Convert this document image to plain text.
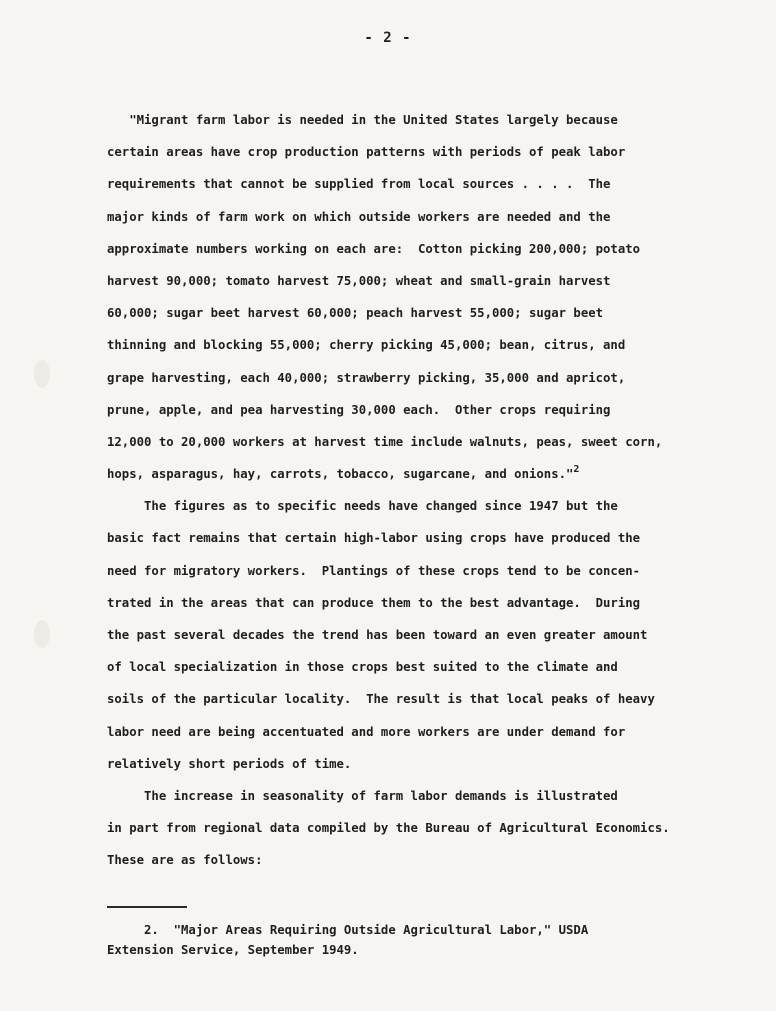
- 2 -
"Migrant farm labor is needed in the United States largely because
certain areas have crop production patterns with periods of peak labor
requirements that cannot be supplied from local sources . . . .  The
major kinds of farm work on which outside workers are needed and the
approximate numbers working on each are:  Cotton picking 200,000; potato
harvest 90,000; tomato harvest 75,000; wheat and small-grain harvest
60,000; sugar beet harvest 60,000; peach harvest 55,000; sugar beet
thinning and blocking 55,000; cherry picking 45,000; bean, citrus, and
grape harvesting, each 40,000; strawberry picking, 35,000 and apricot,
prune, apple, and pea harvesting 30,000 each.  Other crops requiring
12,000 to 20,000 workers at harvest time include walnuts, peas, sweet corn,
hops, asparagus, hay, carrots, tobacco, sugarcane, and onions."$^2$
The figures as to specific needs have changed since 1947 but the
basic fact remains that certain high-labor using crops have produced the
need for migratory workers.  Plantings of these crops tend to be concen-
trated in the areas that can produce them to the best advantage.  During
the past several decades the trend has been toward an even greater amount
of local specialization in those crops best suited to the climate and
soils of the particular locality.  The result is that local peaks of heavy
labor need are being accentuated and more workers are under demand for
relatively short periods of time.
The increase in seasonality of farm labor demands is illustrated
in part from regional data compiled by the Bureau of Agricultural Economics.
These are as follows:
2.  "Major Areas Requiring Outside Agricultural Labor," USDA
Extension Service, September 1949.
